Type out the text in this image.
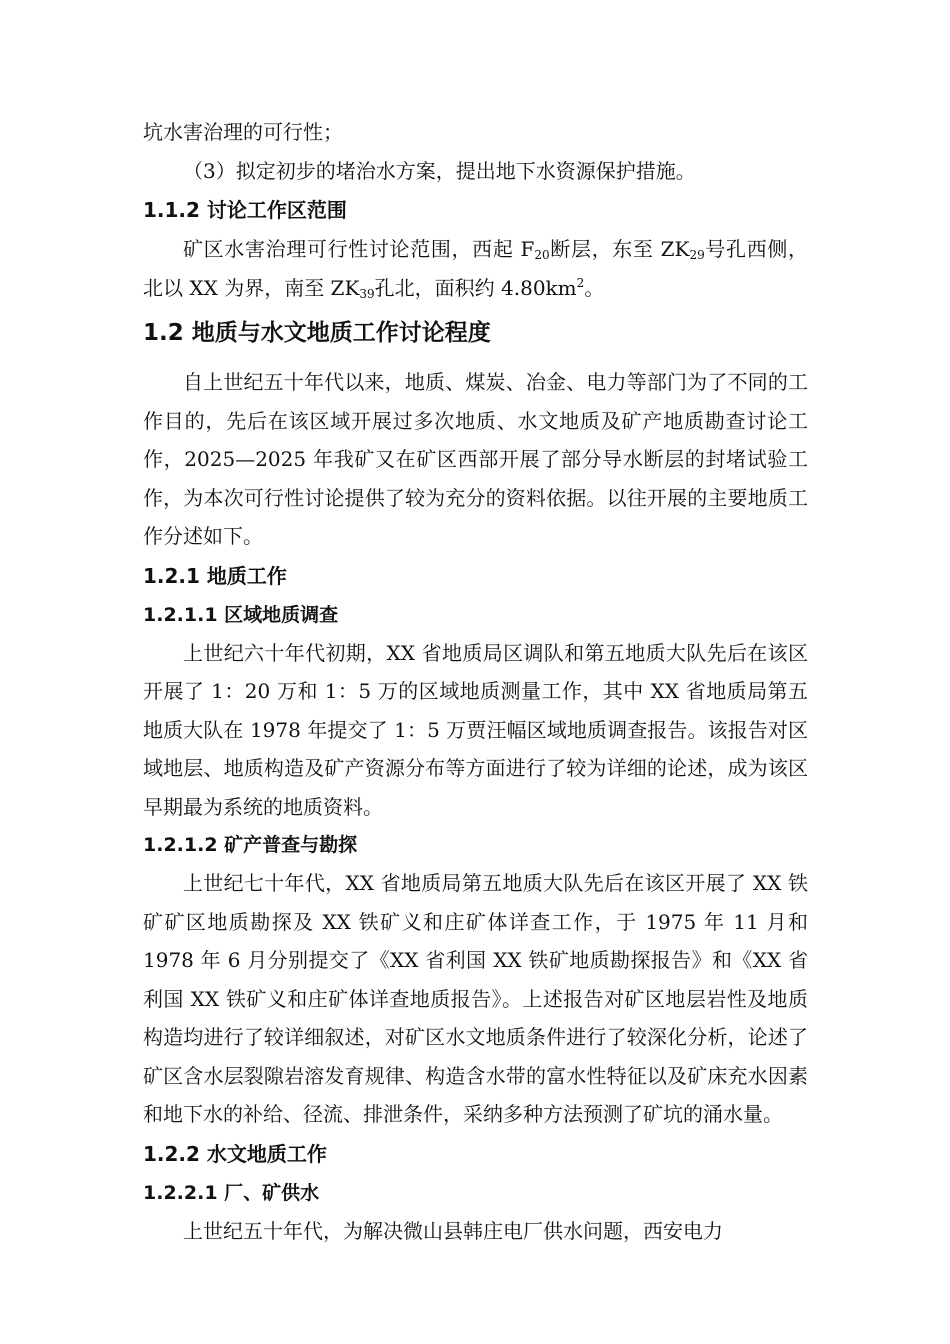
坑水害治理的可行性；

（3）拟定初步的堵治水方案，提出地下水资源保护措施。

1.1.2 讨论工作区范围

矿区水害治理可行性讨论范围，西起 $F_{20}$断层，东至 $ZK_{29}$号孔西侧，北以 XX 为界，南至 $ZK_{39}$孔北，面积约 $4.80km^2$。

1.2 地质与水文地质工作讨论程度

自上世纪五十年代以来，地质、煤炭、冶金、电力等部门为了不同的工作目的，先后在该区域开展过多次地质、水文地质及矿产地质勘查讨论工作，2025—2025 年我矿又在矿区西部开展了部分导水断层的封堵试验工作，为本次可行性讨论提供了较为充分的资料依据。以往开展的主要地质工作分述如下。

1.2.1 地质工作
1.2.1.1 区域地质调查

上世纪六十年代初期，XX 省地质局区调队和第五地质大队先后在该区开展了 1：20 万和 1：5 万的区域地质测量工作，其中 XX 省地质局第五地质大队在 1978 年提交了 1：5 万贾汪幅区域地质调查报告。该报告对区域地层、地质构造及矿产资源分布等方面进行了较为详细的论述，成为该区早期最为系统的地质资料。

1.2.1.2 矿产普查与勘探

上世纪七十年代，XX 省地质局第五地质大队先后在该区开展了 XX 铁矿矿区地质勘探及 XX 铁矿义和庄矿体详查工作，于 1975 年 11 月和 1978 年 6 月分别提交了《XX 省利国 XX 铁矿地质勘探报告》和《XX 省利国 XX 铁矿义和庄矿体详查地质报告》。上述报告对矿区地层岩性及地质构造均进行了较详细叙述，对矿区水文地质条件进行了较深化分析，论述了矿区含水层裂隙岩溶发育规律、构造含水带的富水性特征以及矿床充水因素和地下水的补给、径流、排泄条件，采纳多种方法预测了矿坑的涌水量。

1.2.2 水文地质工作
1.2.2.1 厂、矿供水

上世纪五十年代，为解决微山县韩庄电厂供水问题，西安电力
